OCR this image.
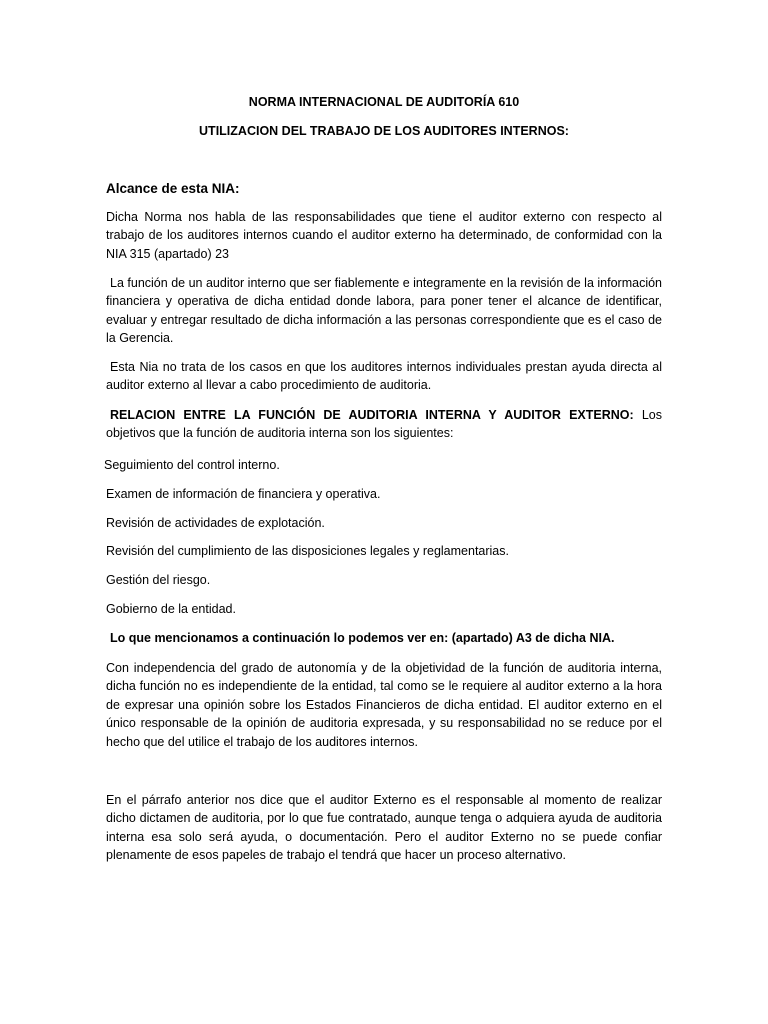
NORMA INTERNACIONAL DE AUDITORÍA 610

UTILIZACION DEL TRABAJO DE LOS AUDITORES INTERNOS:

Alcance de esta NIA:

Dicha Norma nos habla de las responsabilidades que tiene el auditor externo con respecto al trabajo de los auditores internos cuando el auditor externo ha determinado, de conformidad con la NIA 315 (apartado) 23

La función de un auditor interno que ser fiablemente e integramente en la revisión de la información financiera y operativa de dicha entidad donde labora, para poner tener el alcance de identificar, evaluar y entregar resultado de dicha información a las personas correspondiente que es el caso de la Gerencia.

Esta Nia no trata de los casos en que los auditores internos individuales prestan ayuda directa al auditor externo al llevar a cabo procedimiento de auditoria.

RELACION ENTRE LA FUNCIÓN DE AUDITORIA INTERNA Y AUDITOR EXTERNO: Los objetivos que la función de auditoria interna son los siguientes:

Seguimiento del control interno.

Examen de información de financiera y operativa.

Revisión de actividades de explotación.

Revisión del cumplimiento de las disposiciones legales y reglamentarias.

Gestión del riesgo.

Gobierno de la entidad.

Lo que mencionamos a continuación lo podemos ver en: (apartado) A3 de dicha NIA.

Con independencia del grado de autonomía y de la objetividad de la función de auditoria interna, dicha función no es independiente de la entidad, tal como se le requiere al auditor externo a la hora de expresar una opinión sobre los Estados Financieros de dicha entidad. El auditor externo en el único responsable de la opinión de auditoria expresada, y su responsabilidad no se reduce por el hecho que del utilice el trabajo de los auditores internos.

En el párrafo anterior nos dice que el auditor Externo es el responsable al momento de realizar dicho dictamen de auditoria, por lo que fue contratado, aunque tenga o adquiera ayuda de auditoria interna esa solo será ayuda, o documentación. Pero el auditor Externo no se puede confiar plenamente de esos papeles de trabajo el tendrá que hacer un proceso alternativo.
